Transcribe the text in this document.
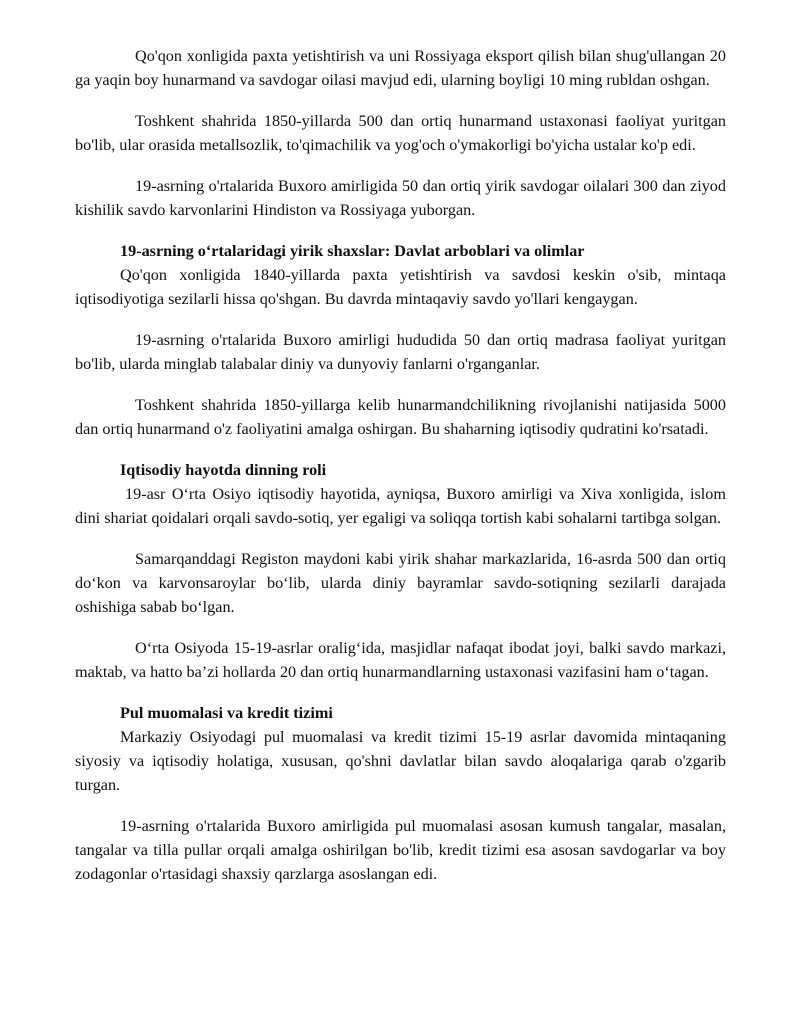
Qo'qon xonligida paxta yetishtirish va uni Rossiyaga eksport qilish bilan shug'ullangan 20 ga yaqin boy hunarmand va savdogar oilasi mavjud edi, ularning boyligi 10 ming rubldan oshgan.

Toshkent shahrida 1850-yillarda 500 dan ortiq hunarmand ustaxonasi faoliyat yuritgan bo'lib, ular orasida metallsozlik, to'qimachilik va yog'och o'ymakorligi bo'yicha ustalar ko'p edi.

19-asrning o'rtalarida Buxoro amirligida 50 dan ortiq yirik savdogar oilalari 300 dan ziyod kishilik savdo karvonlarini Hindiston va Rossiyaga yuborgan.

19-asrning oʻrtalaridagi yirik shaxslar: Davlat arboblari va olimlar

Qo'qon xonligida 1840-yillarda paxta yetishtirish va savdosi keskin o'sib, mintaqa iqtisodiyotiga sezilarli hissa qo'shgan. Bu davrda mintaqaviy savdo yo'llari kengaygan.

19-asrning o'rtalarida Buxoro amirligi hududida 50 dan ortiq madrasa faoliyat yuritgan bo'lib, ularda minglab talabalar diniy va dunyoviy fanlarni o'rganganlar.

Toshkent shahrida 1850-yillarga kelib hunarmandchilikning rivojlanishi natijasida 5000 dan ortiq hunarmand o'z faoliyatini amalga oshirgan. Bu shaharning iqtisodiy qudratini ko'rsatadi.

Iqtisodiy hayotda dinning roli

19-asr Oʻrta Osiyo iqtisodiy hayotida, ayniqsa, Buxoro amirligi va Xiva xonligida, islom dini shariat qoidalari orqali savdo-sotiq, yer egaligi va soliqqa tortish kabi sohalarni tartibga solgan.

Samarqanddagi Registon maydoni kabi yirik shahar markazlarida, 16-asrda 500 dan ortiq doʻkon va karvonsaroylar boʻlib, ularda diniy bayramlar savdo-sotiqning sezilarli darajada oshishiga sabab boʻlgan.

Oʻrta Osiyoda 15-19-asrlar oraligʻida, masjidlar nafaqat ibodat joyi, balki savdo markazi, maktab, va hatto baʼzi hollarda 20 dan ortiq hunarmandlarning ustaxonasi vazifasini ham oʻtagan.

Pul muomalasi va kredit tizimi

Markaziy Osiyodagi pul muomalasi va kredit tizimi 15-19 asrlar davomida mintaqaning siyosiy va iqtisodiy holatiga, xususan, qo'shni davlatlar bilan savdo aloqalariga qarab o'zgarib turgan.

19-asrning o'rtalarida Buxoro amirligida pul muomalasi asosan kumush tangalar, masalan, tangalar va tilla pullar orqali amalga oshirilgan bo'lib, kredit tizimi esa asosan savdogarlar va boy zodagonlar o'rtasidagi shaxsiy qarzlarga asoslangan edi.
